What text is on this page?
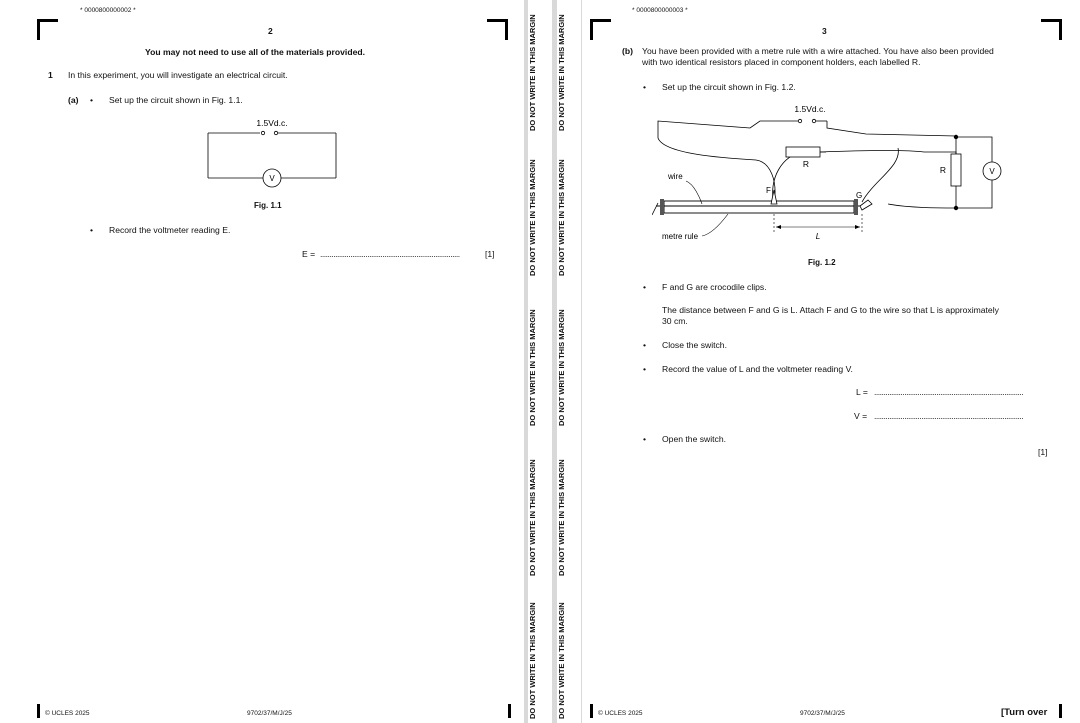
* 0000800000002 *
2
You may not need to use all of the materials provided.
1 In this experiment, you will investigate an electrical circuit.
(a) • Set up the circuit shown in Fig. 1.1.
1.5Vd.c.
V
Fig. 1.1
• Record the voltmeter reading E.
E = ..........................................................................	[1]
© UCLES 2025	9702/37/M/J/25
DO NOT WRITE IN THIS MARGIN
DO NOT WRITE IN THIS MARGIN
DO NOT WRITE IN THIS MARGIN
DO NOT WRITE IN THIS MARGIN
DO NOT WRITE IN THIS MARGIN
DO NOT WRITE IN THIS MARGIN
DO NOT WRITE IN THIS MARGIN
DO NOT WRITE IN THIS MARGIN
DO NOT WRITE IN THIS MARGIN
DO NOT WRITE IN THIS MARGIN
* 0000800000003 *
3
(b) You have been provided with a metre rule with a wire attached. You have also been provided
with two identical resistors placed in component holders, each labelled R.
• Set up the circuit shown in Fig. 1.2.
1.5Vd.c.
R
R	V
F
G
wire
metre rule	L
Fig. 1.2
• F and G are crocodile clips.
The distance between F and G is L. Attach F and G to the wire so that L is approximately
30 cm.
• Close the switch.
• Record the value of L and the voltmeter reading V.
L = ...............................................................................
V = ...............................................................................
• Open the switch.
[1]
© UCLES 2025	9702/37/M/J/25	[Turn over
